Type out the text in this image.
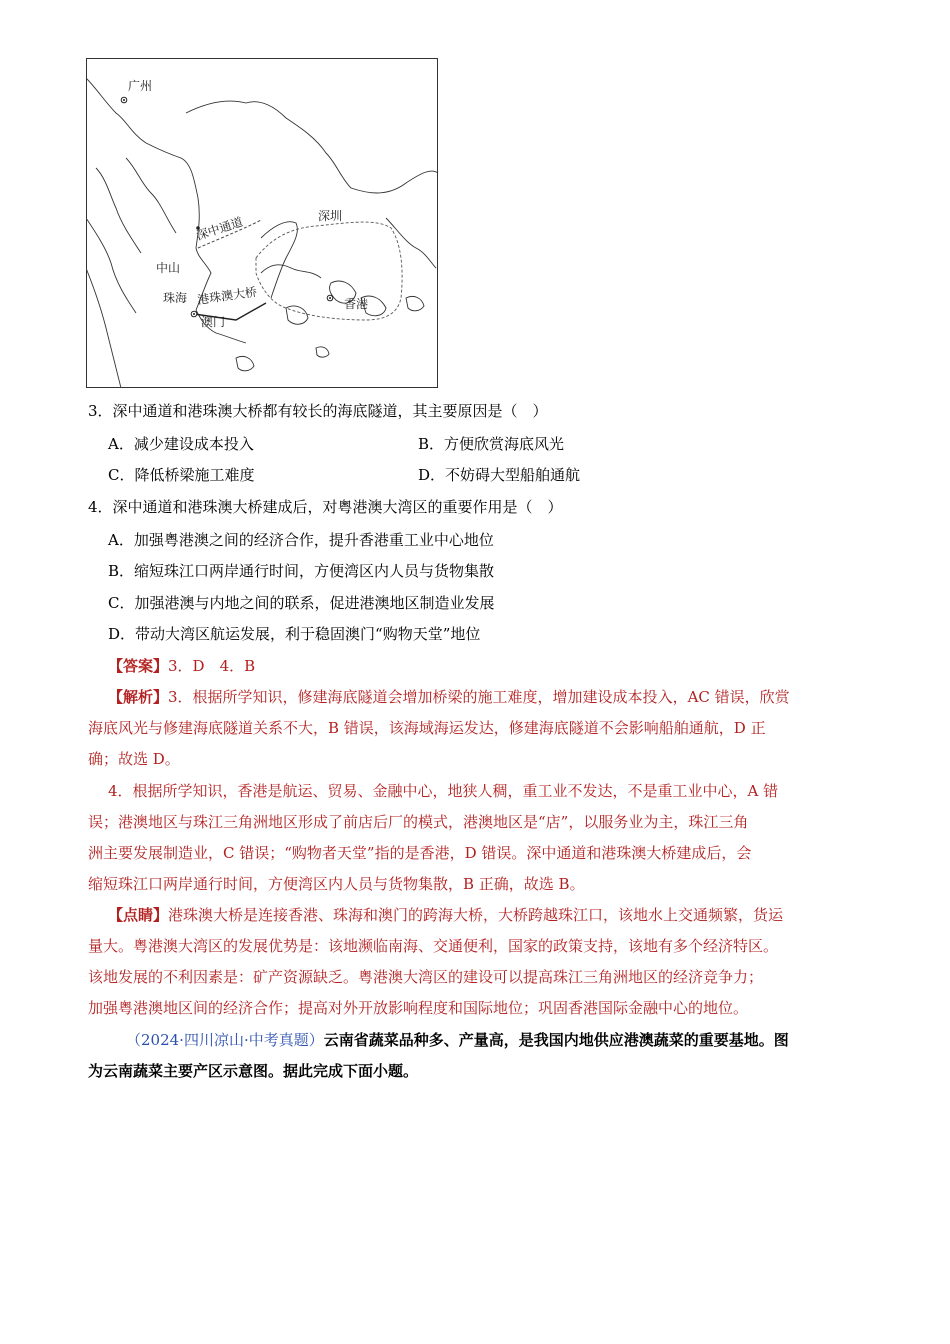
广州
深中通道	深圳
中山
珠海 港珠澳大桥
澳门
香港
3．深中通道和港珠澳大桥都有较长的海底隧道，其主要原因是（　）
A．减少建设成本投入	B．方便欣赏海底风光
C．降低桥梁施工难度	D．不妨碍大型船舶通航
4．深中通道和港珠澳大桥建成后，对粤港澳大湾区的重要作用是（　）
A．加强粤港澳之间的经济合作，提升香港重工业中心地位
B．缩短珠江口两岸通行时间，方便湾区内人员与货物集散
C．加强港澳与内地之间的联系，促进港澳地区制造业发展
D．带动大湾区航运发展，利于稳固澳门“购物天堂”地位
【答案】3．D　4．B
【解析】3．根据所学知识，修建海底隧道会增加桥梁的施工难度，增加建设成本投入，AC 错误，欣赏
海底风光与修建海底隧道关系不大，B 错误，该海域海运发达，修建海底隧道不会影响船舶通航，D 正
确；故选 D。
4．根据所学知识，香港是航运、贸易、金融中心，地狭人稠，重工业不发达，不是重工业中心，A 错
误；港澳地区与珠江三角洲地区形成了前店后厂的模式，港澳地区是“店”，以服务业为主，珠江三角
洲主要发展制造业，C 错误；“购物者天堂”指的是香港，D 错误。深中通道和港珠澳大桥建成后，会
缩短珠江口两岸通行时间，方便湾区内人员与货物集散，B 正确，故选 B。
【点睛】港珠澳大桥是连接香港、珠海和澳门的跨海大桥，大桥跨越珠江口，该地水上交通频繁，货运
量大。粤港澳大湾区的发展优势是：该地濒临南海、交通便利，国家的政策支持，该地有多个经济特区。
该地发展的不利因素是：矿产资源缺乏。粤港澳大湾区的建设可以提高珠江三角洲地区的经济竞争力；
加强粤港澳地区间的经济合作；提高对外开放影响程度和国际地位；巩固香港国际金融中心的地位。
（2024·四川凉山·中考真题）云南省蔬菜品种多、产量高，是我国内地供应港澳蔬菜的重要基地。图
为云南蔬菜主要产区示意图。据此完成下面小题。
